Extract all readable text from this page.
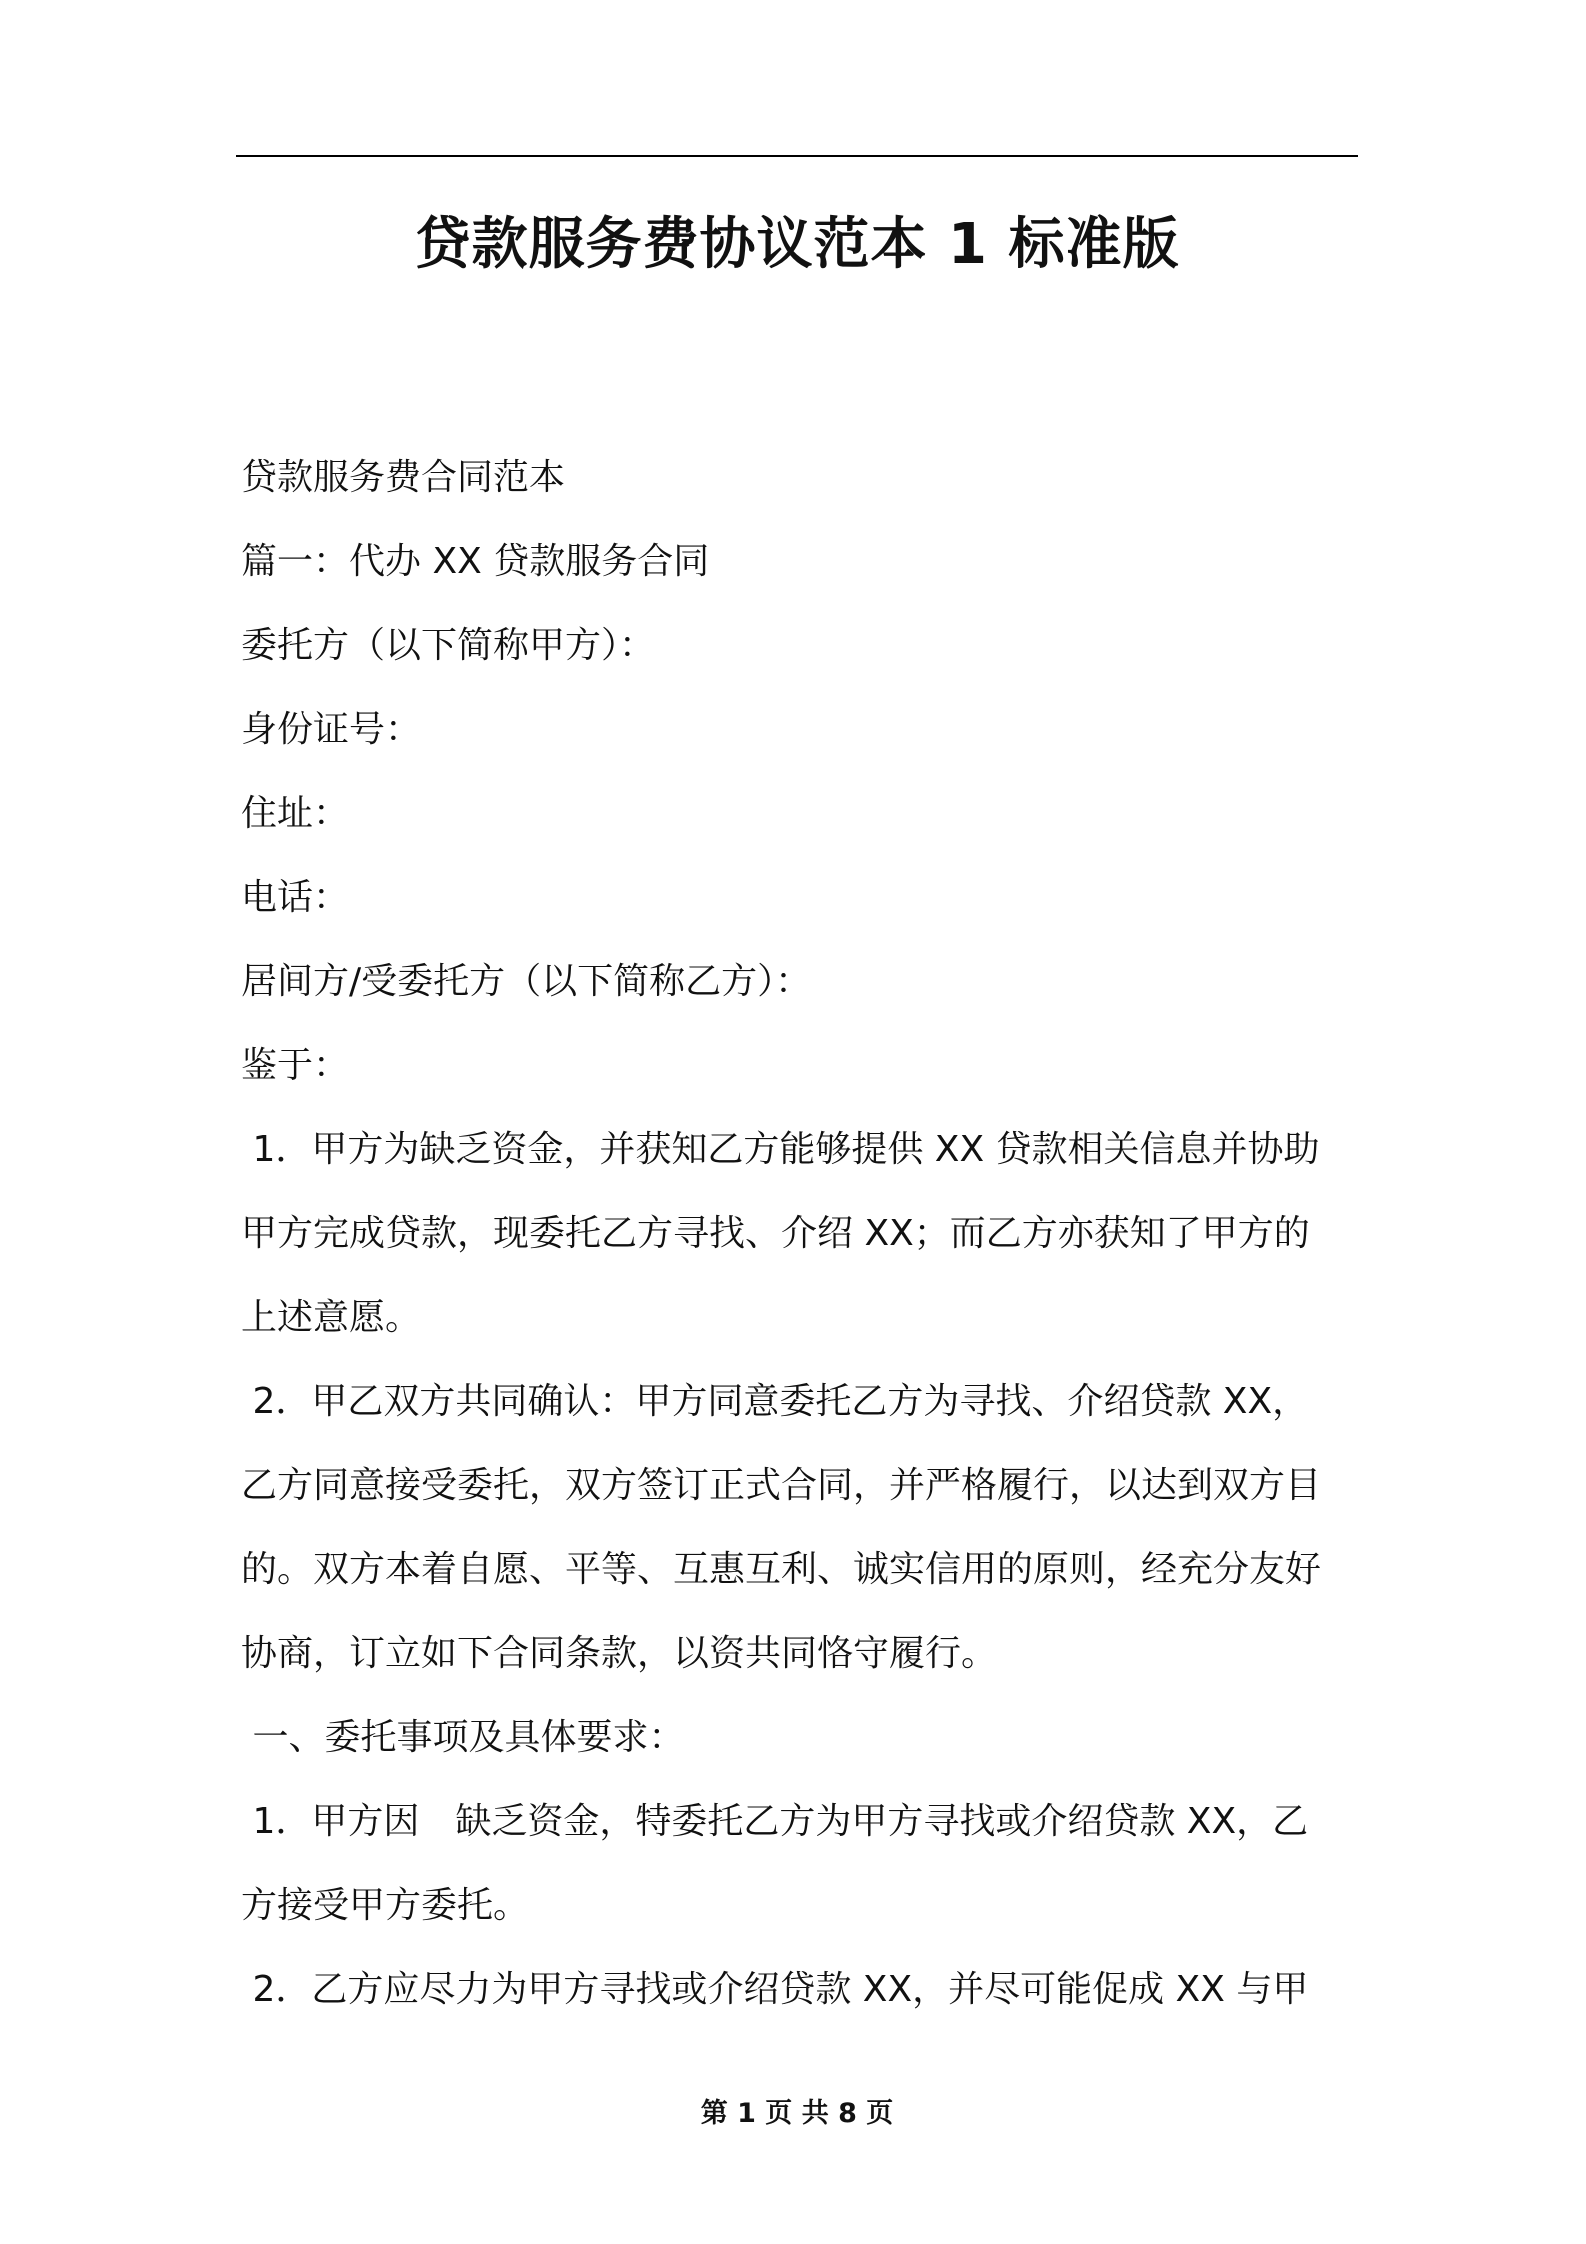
贷款服务费协议范本 1 标准版

贷款服务费合同范本

篇一：代办 XX 贷款服务合同

委托方（以下简称甲方）：

身份证号：

住址：

电话：

居间方/受委托方（以下简称乙方）：

鉴于：

1．甲方为缺乏资金，并获知乙方能够提供 XX 贷款相关信息并协助

甲方完成贷款，现委托乙方寻找、介绍 XX；而乙方亦获知了甲方的

上述意愿。

2．甲乙双方共同确认：甲方同意委托乙方为寻找、介绍贷款 XX，

乙方同意接受委托，双方签订正式合同，并严格履行，以达到双方目

的。双方本着自愿、平等、互惠互利、诚实信用的原则，经充分友好

协商，订立如下合同条款，以资共同恪守履行。

一、委托事项及具体要求：

1．甲方因　缺乏资金，特委托乙方为甲方寻找或介绍贷款 XX，乙

方接受甲方委托。

2．乙方应尽力为甲方寻找或介绍贷款 XX，并尽可能促成 XX 与甲

第 1 页 共 8 页
